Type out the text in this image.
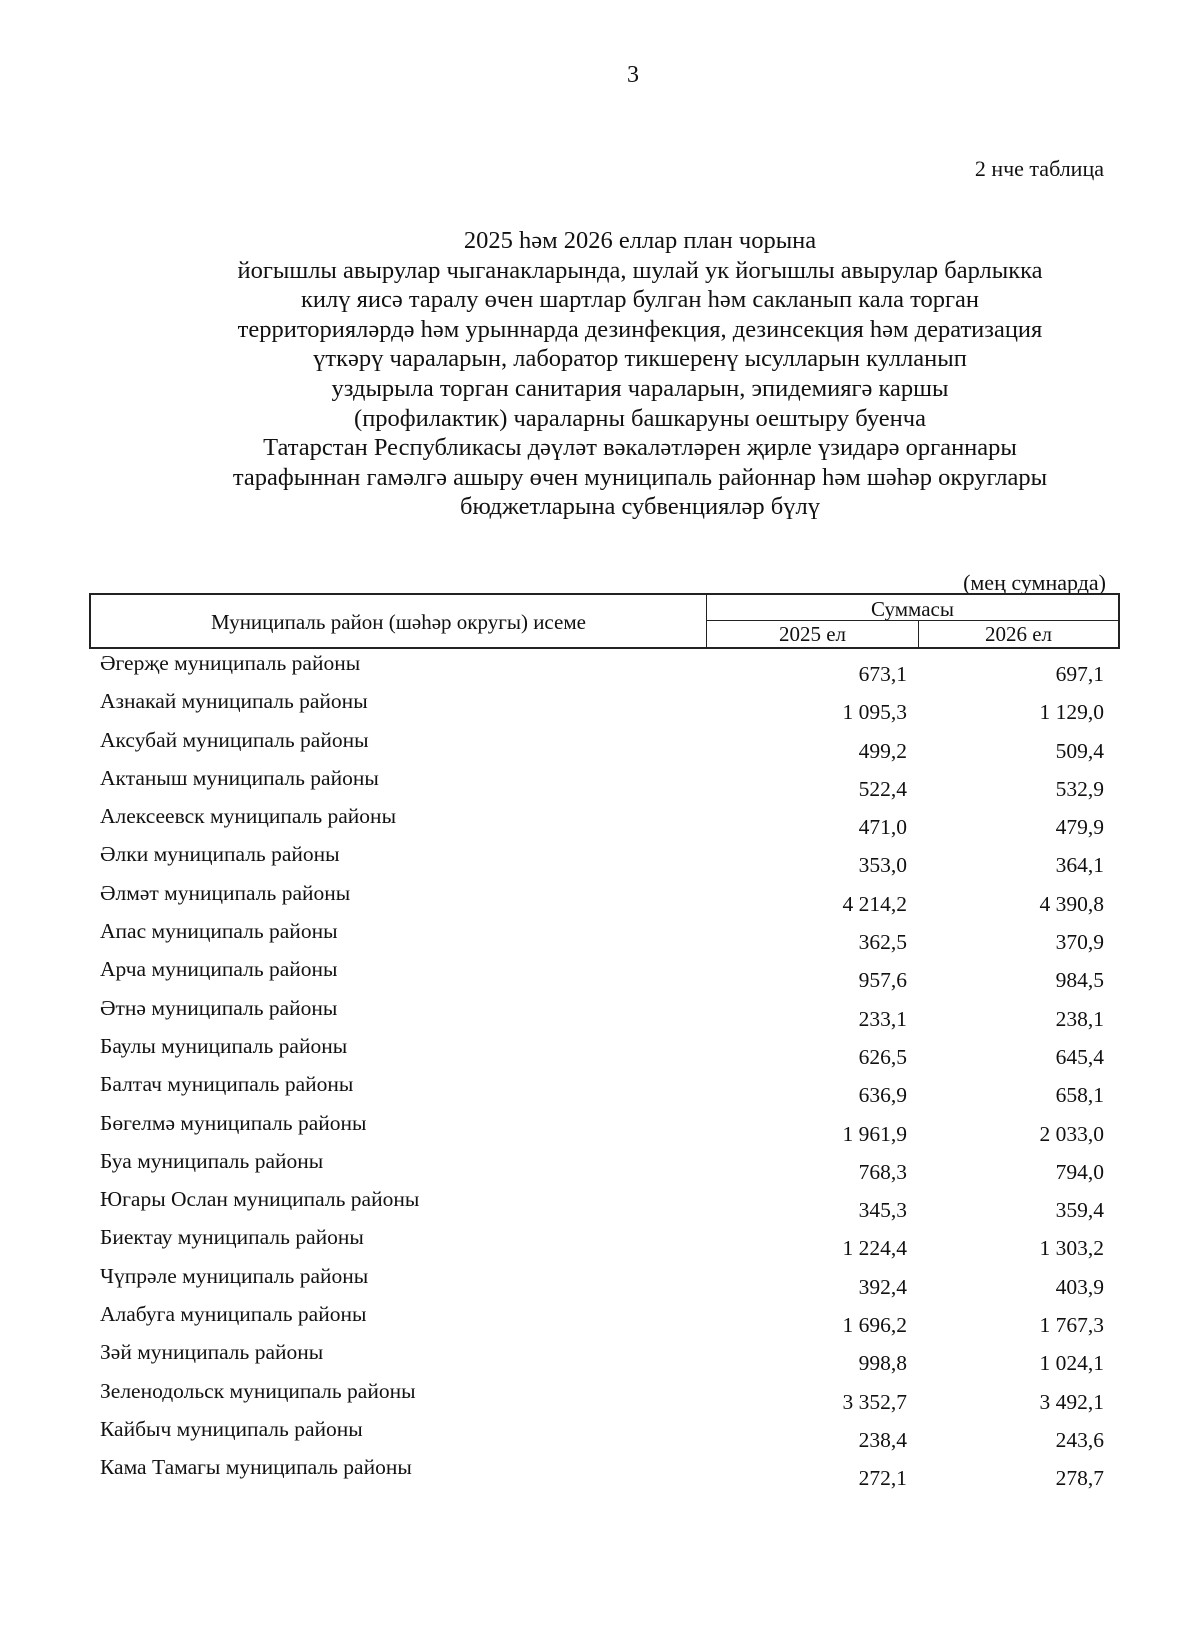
3
2 нче таблица
2025 һәм 2026 еллар план чорына
йогышлы авырулар чыганакларында, шулай ук йогышлы авырулар барлыкка
килү яисә таралу өчен шартлар булган һәм сакланып кала торган
территорияләрдә һәм урыннарда дезинфекция, дезинсекция һәм дератизация
үткәрү чараларын, лаборатор тикшеренү ысулларын кулланып
уздырыла торган санитария чараларын, эпидемиягә каршы
(профилактик) чараларны башкаруны оештыру буенча
Татарстан Республикасы дәүләт вәкаләтләрен җирле үзидарә органнары
тарафыннан гамәлгә ашыру өчен муниципаль районнар һәм шәһәр округлары
бюджетларына субвенцияләр бүлү
(мең сумнарда)
Муниципаль район (шәһәр округы) исеме
Суммасы
2025 ел	2026 ел
Әгерҗе муниципаль районы	673,1	697,1
Азнакай муниципаль районы	1 095,3	1 129,0
Аксубай муниципаль районы	499,2	509,4
Актаныш муниципаль районы	522,4	532,9
Алексеевск муниципаль районы	471,0	479,9
Әлки муниципаль районы	353,0	364,1
Әлмәт муниципаль районы	4 214,2	4 390,8
Апас муниципаль районы	362,5	370,9
Арча муниципаль районы	957,6	984,5
Әтнә муниципаль районы	233,1	238,1
Баулы муниципаль районы	626,5	645,4
Балтач муниципаль районы	636,9	658,1
Бөгелмә муниципаль районы	1 961,9	2 033,0
Буа муниципаль районы	768,3	794,0
Югары Ослан муниципаль районы	345,3	359,4
Биектау муниципаль районы	1 224,4	1 303,2
Чүпрәле муниципаль районы	392,4	403,9
Алабуга муниципаль районы	1 696,2	1 767,3
Зәй муниципаль районы	998,8	1 024,1
Зеленодольск муниципаль районы	3 352,7	3 492,1
Кайбыч муниципаль районы	238,4	243,6
Кама Тамагы муниципаль районы	272,1	278,7
